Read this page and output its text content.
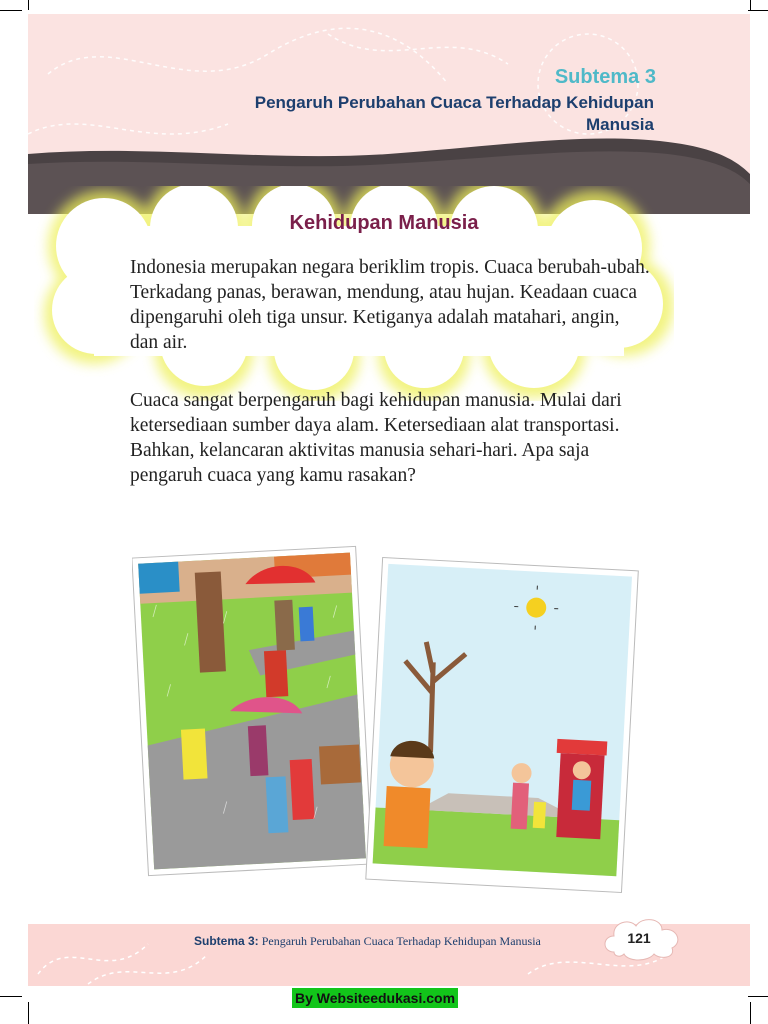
Subtema 3
Pengaruh Perubahan Cuaca Terhadap Kehidupan Manusia
Kehidupan Manusia

Indonesia merupakan negara beriklim tropis. Cuaca berubah-ubah. Terkadang panas, berawan, mendung, atau hujan. Keadaan cuaca dipengaruhi oleh tiga unsur. Ketiganya adalah matahari, angin, dan air.

Cuaca sangat berpengaruh bagi kehidupan manusia. Mulai dari ketersediaan sumber daya alam. Ketersediaan alat transportasi. Bahkan, kelancaran aktivitas manusia sehari-hari. Apa saja pengaruh cuaca yang kamu rasakan?

Subtema 3: Pengaruh Perubahan Cuaca Terhadap Kehidupan Manusia	121
By Websiteedukasi.com
